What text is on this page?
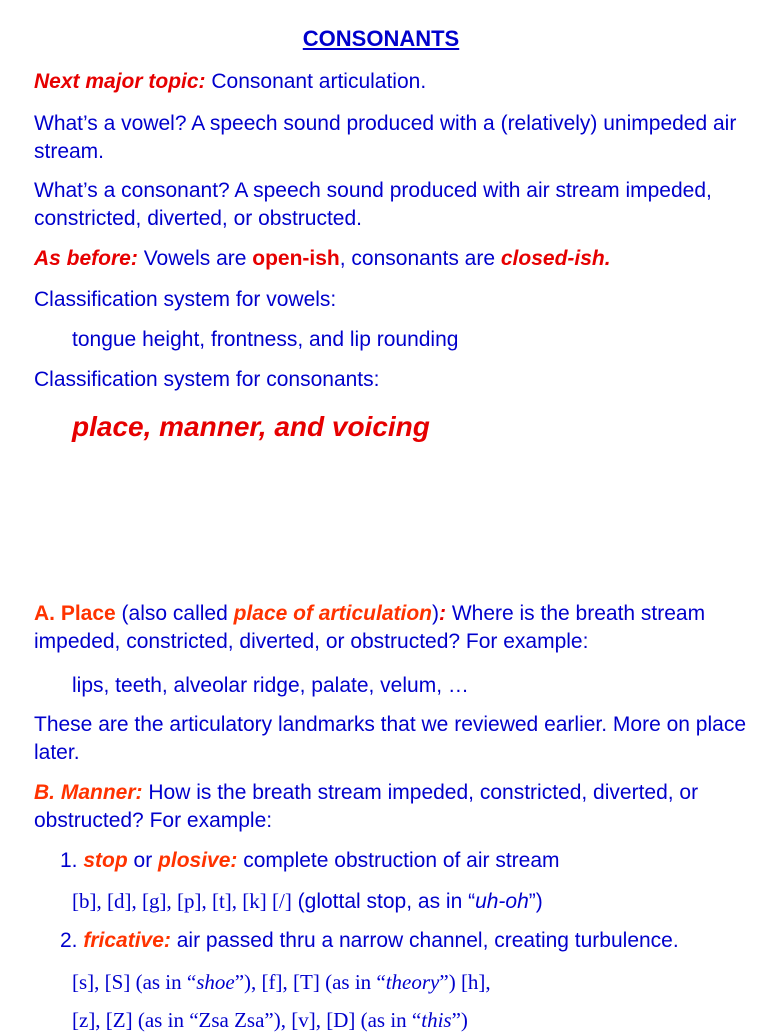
CONSONANTS
Next major topic: Consonant articulation.
What’s a vowel? A speech sound produced with a (relatively) unimpeded air stream.
What’s a consonant? A speech sound produced with air stream impeded, constricted, diverted, or obstructed.
As before: Vowels are open-ish, consonants are closed-ish.
Classification system for vowels:
tongue height, frontness, and lip rounding
Classification system for consonants:
place, manner, and voicing
A. Place (also called place of articulation): Where is the breath stream impeded, constricted, diverted, or obstructed? For example:
lips, teeth, alveolar ridge, palate, velum, …
These are the articulatory landmarks that we reviewed earlier. More on place later.
B. Manner: How is the breath stream impeded, constricted, diverted, or obstructed? For example:
1. stop or plosive: complete obstruction of air stream
[b], [d], [g], [p], [t], [k] [/] (glottal stop, as in “uh-oh”)
2. fricative: air passed thru a narrow channel, creating turbulence.
[s], [S] (as in “shoe”), [f], [T] (as in “theory”) [h],
[z], [Z] (as in “Zsa Zsa”), [v], [D] (as in “this”)
